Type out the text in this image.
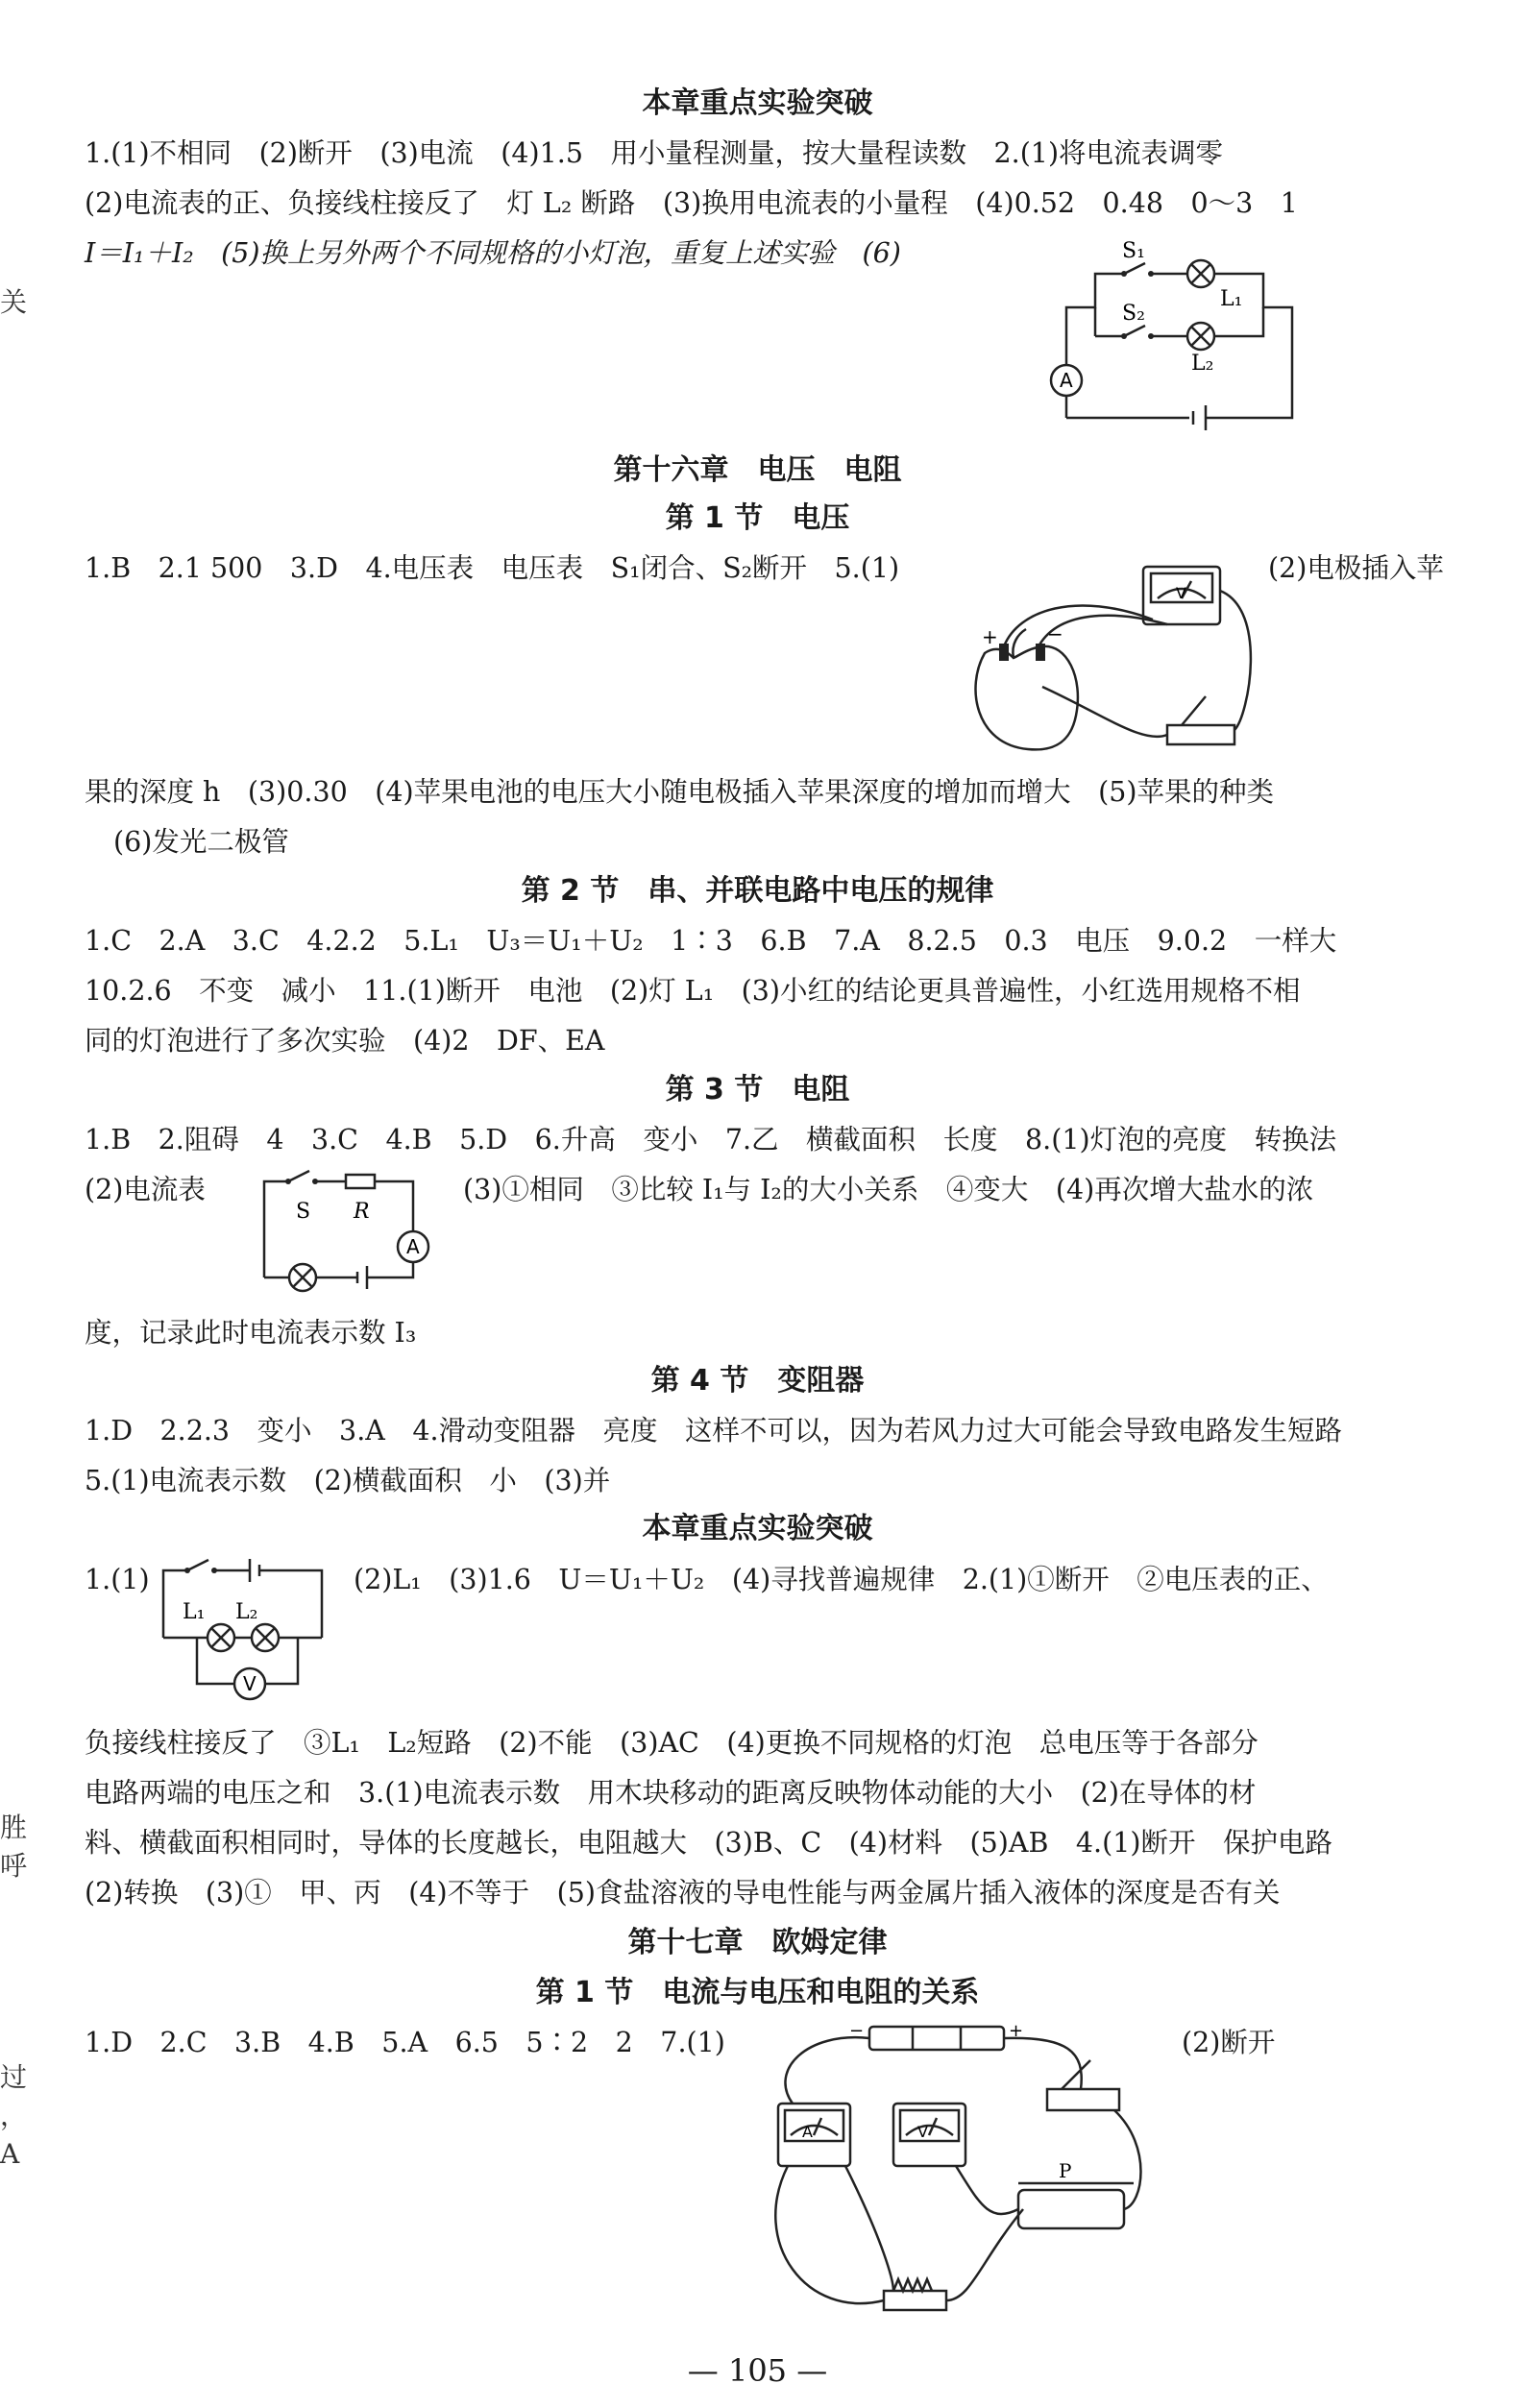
关
胜
呼
过
，
A
本章重点实验突破
1.(1)不相同　(2)断开　(3)电流　(4)1.5　用小量程测量，按大量程读数　2.(1)将电流表调零
(2)电流表的正、负接线柱接反了　灯 L₂ 断路　(3)换用电流表的小量程　(4)0.52　0.48　0～3　1
I＝I₁＋I₂　(5)换上另外两个不同规格的小灯泡，重复上述实验　(6)	S₁
S₂
L₁
L₂
A
第十六章　电压　电阻
第 1 节　电压
1.B　2.1 500　3.D　4.电压表　电压表　S₁闭合、S₂断开　5.(1)	(2)电极插入苹
+	−
V
果的深度 h　(3)0.30　(4)苹果电池的电压大小随电极插入苹果深度的增加而增大　(5)苹果的种类
(6)发光二极管
第 2 节　串、并联电路中电压的规律
1.C　2.A　3.C　4.2.2　5.L₁　U₃＝U₁＋U₂　1∶3　6.B　7.A　8.2.5　0.3　电压　9.0.2　一样大
10.2.6　不变　减小　11.(1)断开　电池　(2)灯 L₁　(3)小红的结论更具普遍性，小红选用规格不相
同的灯泡进行了多次实验　(4)2　DF、EA
第 3 节　电阻
1.B　2.阻碍　4　3.C　4.B　5.D　6.升高　变小　7.乙　横截面积　长度　8.(1)灯泡的亮度　转换法
(2)电流表	(3)①相同　③比较 I₁与 I₂的大小关系　④变大　(4)再次增大盐水的浓
S R
A
度，记录此时电流表示数 I₃
第 4 节　变阻器
1.D　2.2.3　变小　3.A　4.滑动变阻器　亮度　这样不可以，因为若风力过大可能会导致电路发生短路
5.(1)电流表示数　(2)横截面积　小　(3)并
本章重点实验突破
1.(1)	(2)L₁　(3)1.6　U＝U₁＋U₂　(4)寻找普遍规律　2.(1)①断开　②电压表的正、
L₁ L₂
V
负接线柱接反了　③L₁　L₂短路　(2)不能　(3)AC　(4)更换不同规格的灯泡　总电压等于各部分
电路两端的电压之和　3.(1)电流表示数　用木块移动的距离反映物体动能的大小　(2)在导体的材
料、横截面积相同时，导体的长度越长，电阻越大　(3)B、C　(4)材料　(5)AB　4.(1)断开　保护电路
(2)转换　(3)①　甲、丙　(4)不等于　(5)食盐溶液的导电性能与两金属片插入液体的深度是否有关
第十七章　欧姆定律
第 1 节　电流与电压和电阻的关系
1.D　2.C　3.B　4.B　5.A　6.5　5∶2　2　7.(1)	(2)断开
A	V
P
−	+
— 105 —
